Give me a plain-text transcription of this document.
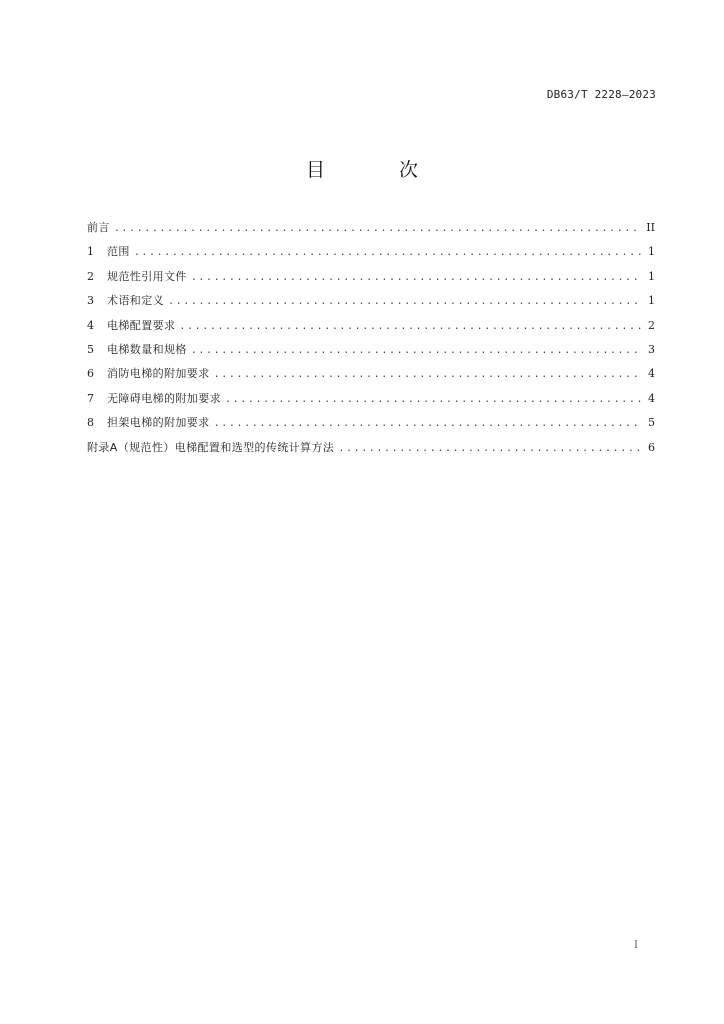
DB63/T 2228—2023
目 次
前言 .....	II
1	范围 .....	1
2	规范性引用文件 .....	1
3	术语和定义 .....	1
4	电梯配置要求 .....	2
5	电梯数量和规格 .....	3
6	消防电梯的附加要求 .....	4
7	无障碍电梯的附加要求 .....	4
8	担架电梯的附加要求 .....	5
附录A（规范性）电梯配置和选型的传统计算方法 .....	6
I
